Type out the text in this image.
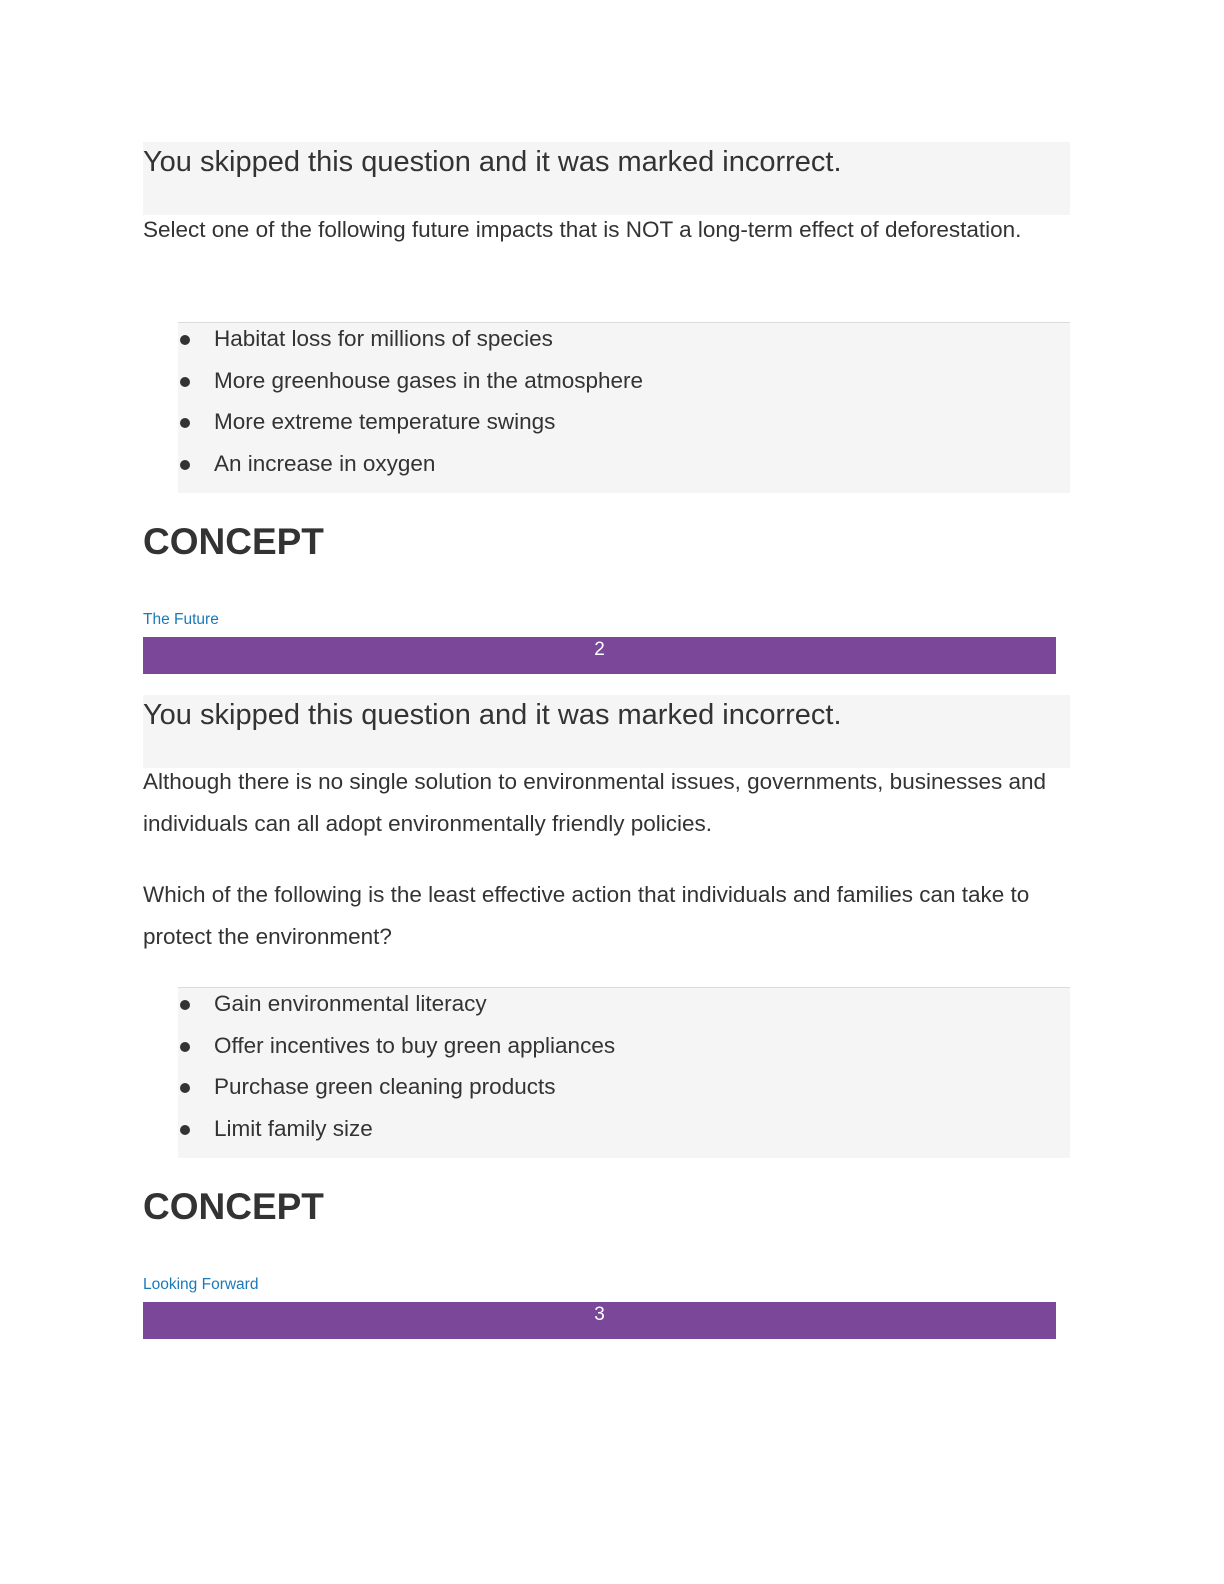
You skipped this question and it was marked incorrect.

Select one of the following future impacts that is NOT a long-term effect of deforestation.

Habitat loss for millions of species
More greenhouse gases in the atmosphere
More extreme temperature swings
An increase in oxygen
CONCEPT
The Future
2
You skipped this question and it was marked incorrect.

Although there is no single solution to environmental issues, governments, businesses and individuals can all adopt environmentally friendly policies.

Which of the following is the least effective action that individuals and families can take to protect the environment?

Gain environmental literacy
Offer incentives to buy green appliances
Purchase green cleaning products
Limit family size
CONCEPT
Looking Forward
3
